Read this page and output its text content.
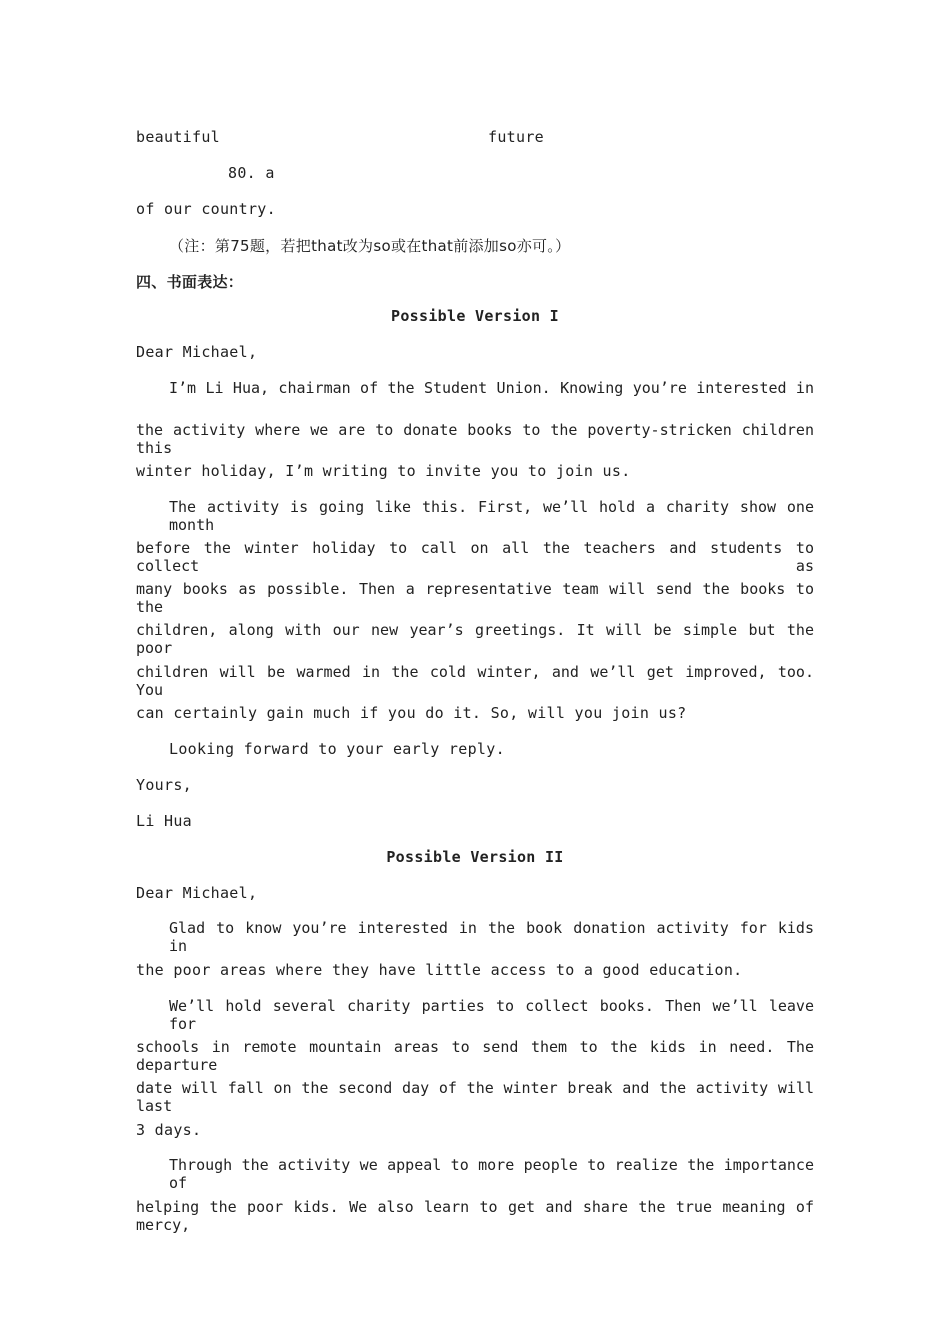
beautiful	future
80. a
of our country.
（注：第75题，若把that改为so或在that前添加so亦可。）
四、书面表达：
Possible Version I
Dear Michael,
I’m Li Hua, chairman of the Student Union. Knowing you’re interested in
the activity where we are to donate books to the poverty-stricken children this
winter holiday, I’m writing to invite you to join us.
The activity is going like this. First, we’ll hold a charity show one month
before the winter holiday to call on all the teachers and students to collect as
many books as possible. Then a representative team will send the books to the
children, along with our new year’s greetings. It will be simple but the poor
children will be warmed in the cold winter, and we’ll get improved, too. You
can certainly gain much if you do it. So, will you join us?
Looking forward to your early reply.
Yours,
Li Hua
Possible Version II
Dear Michael,
Glad to know you’re interested in the book donation activity for kids in
the poor areas where they have little access to a good education.
We’ll hold several charity parties to collect books. Then we’ll leave for
schools in remote mountain areas to send them to the kids in need. The departure
date will fall on the second day of the winter break and the activity will last
3 days.
Through the activity we appeal to more people to realize the importance of
helping the poor kids. We also learn to get and share the true meaning of mercy,
